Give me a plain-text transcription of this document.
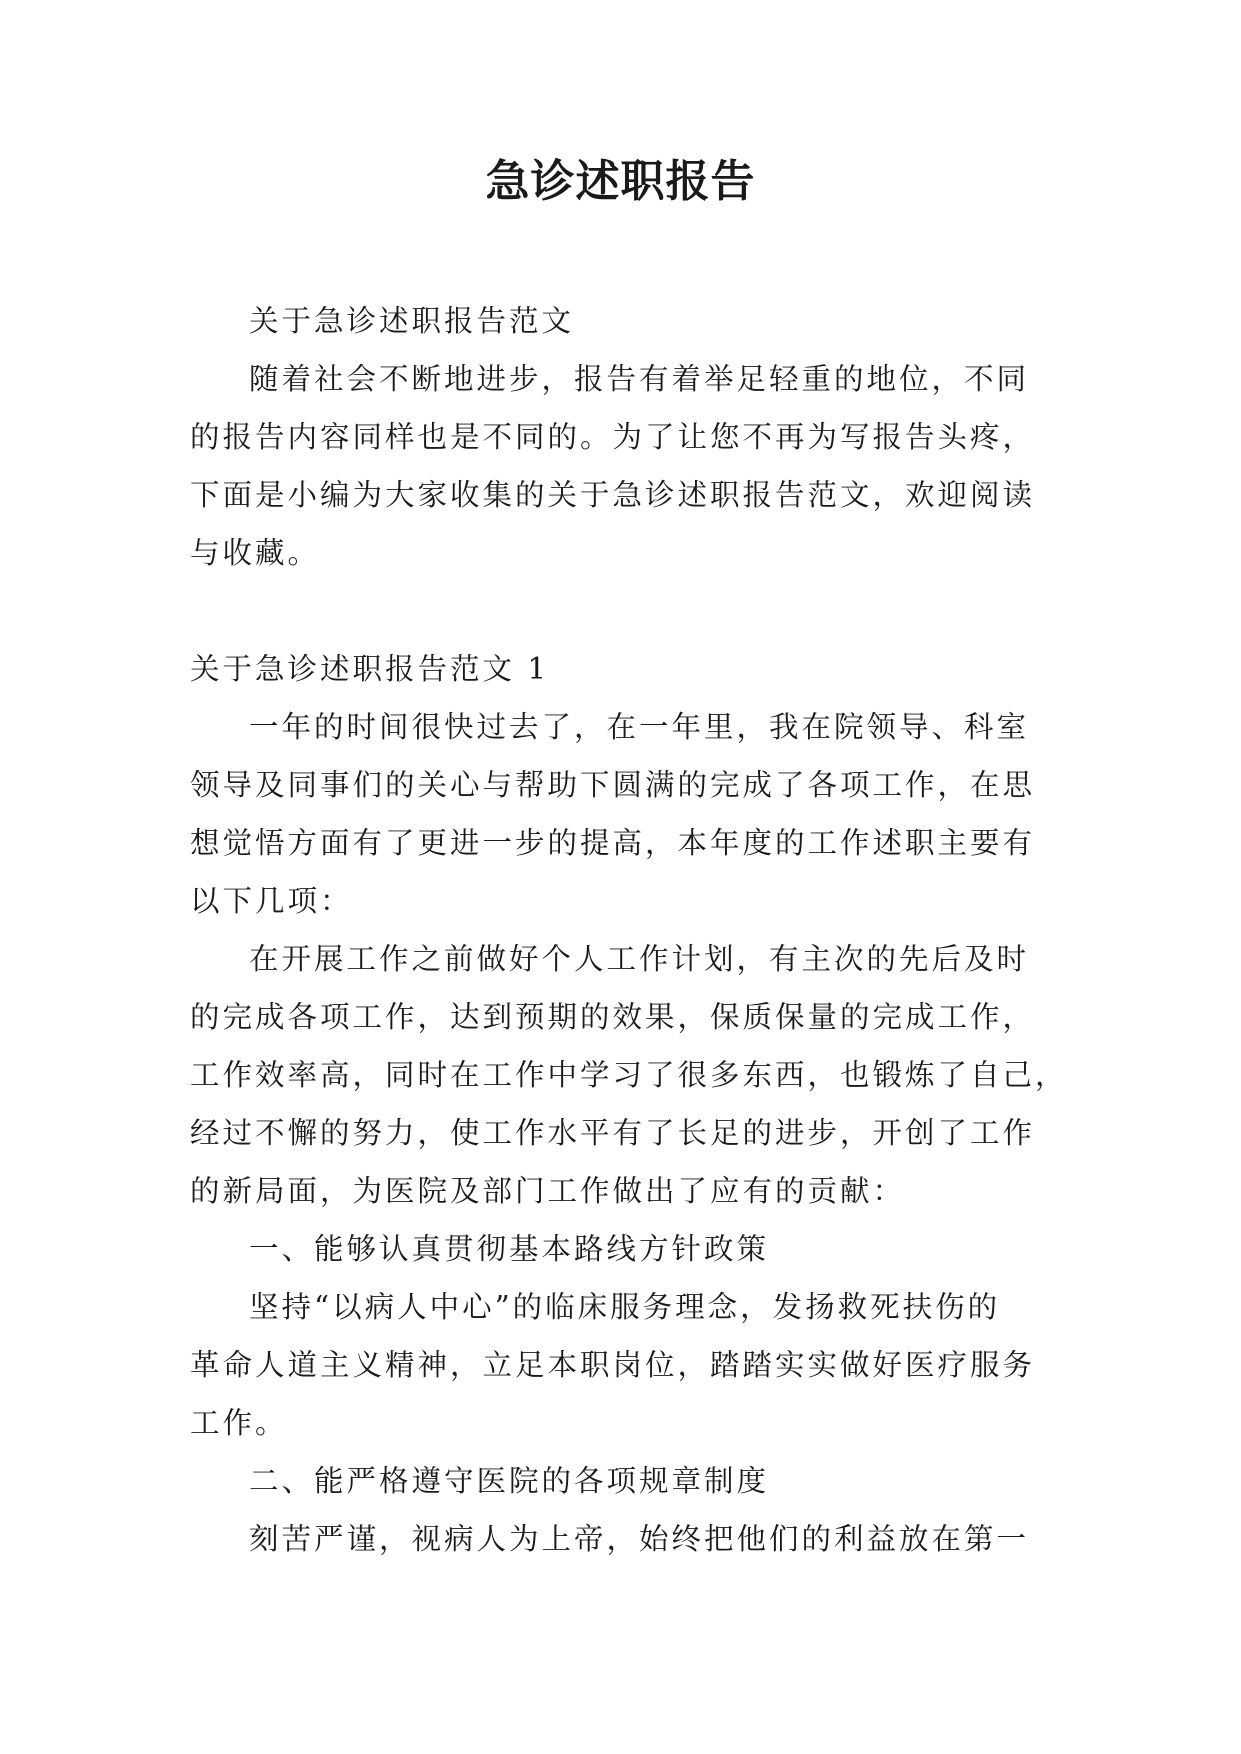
急诊述职报告

关于急诊述职报告范文

随着社会不断地进步，报告有着举足轻重的地位，不同
的报告内容同样也是不同的。为了让您不再为写报告头疼，
下面是小编为大家收集的关于急诊述职报告范文，欢迎阅读
与收藏。

关于急诊述职报告范文 1

一年的时间很快过去了，在一年里，我在院领导、科室
领导及同事们的关心与帮助下圆满的完成了各项工作，在思
想觉悟方面有了更进一步的提高，本年度的工作述职主要有
以下几项：

在开展工作之前做好个人工作计划，有主次的先后及时
的完成各项工作，达到预期的效果，保质保量的完成工作，
工作效率高，同时在工作中学习了很多东西，也锻炼了自己，
经过不懈的努力，使工作水平有了长足的进步，开创了工作
的新局面，为医院及部门工作做出了应有的贡献：

一、能够认真贯彻基本路线方针政策

坚持“以病人中心”的临床服务理念，发扬救死扶伤的
革命人道主义精神，立足本职岗位，踏踏实实做好医疗服务
工作。

二、能严格遵守医院的各项规章制度

刻苦严谨，视病人为上帝，始终把他们的利益放在第一
